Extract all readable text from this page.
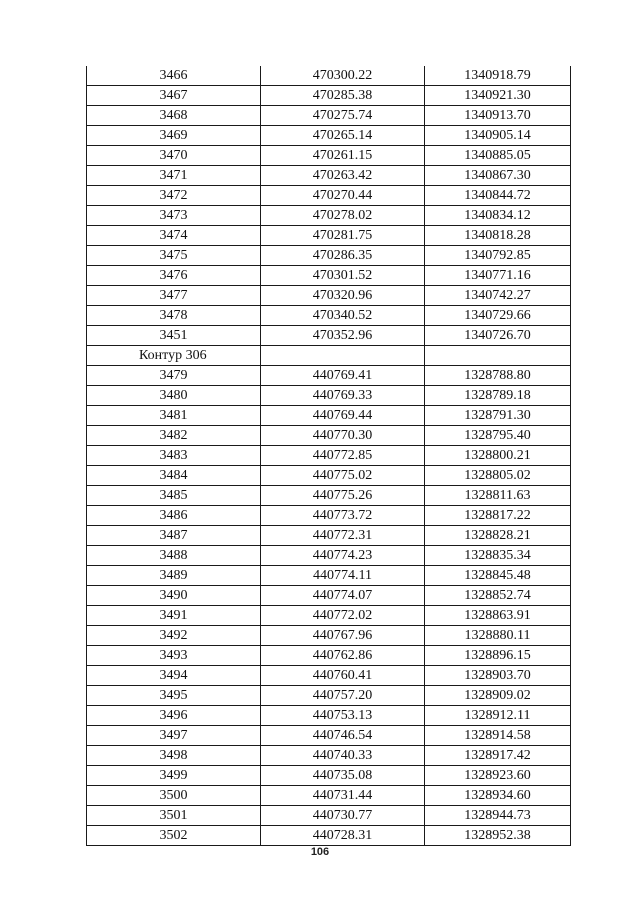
3466	470300.22	1340918.79
3467	470285.38	1340921.30
3468	470275.74	1340913.70
3469	470265.14	1340905.14
3470	470261.15	1340885.05
3471	470263.42	1340867.30
3472	470270.44	1340844.72
3473	470278.02	1340834.12
3474	470281.75	1340818.28
3475	470286.35	1340792.85
3476	470301.52	1340771.16
3477	470320.96	1340742.27
3478	470340.52	1340729.66
3451	470352.96	1340726.70
Контур 306		
3479	440769.41	1328788.80
3480	440769.33	1328789.18
3481	440769.44	1328791.30
3482	440770.30	1328795.40
3483	440772.85	1328800.21
3484	440775.02	1328805.02
3485	440775.26	1328811.63
3486	440773.72	1328817.22
3487	440772.31	1328828.21
3488	440774.23	1328835.34
3489	440774.11	1328845.48
3490	440774.07	1328852.74
3491	440772.02	1328863.91
3492	440767.96	1328880.11
3493	440762.86	1328896.15
3494	440760.41	1328903.70
3495	440757.20	1328909.02
3496	440753.13	1328912.11
3497	440746.54	1328914.58
3498	440740.33	1328917.42
3499	440735.08	1328923.60
3500	440731.44	1328934.60
3501	440730.77	1328944.73
3502	440728.31	1328952.38
106
